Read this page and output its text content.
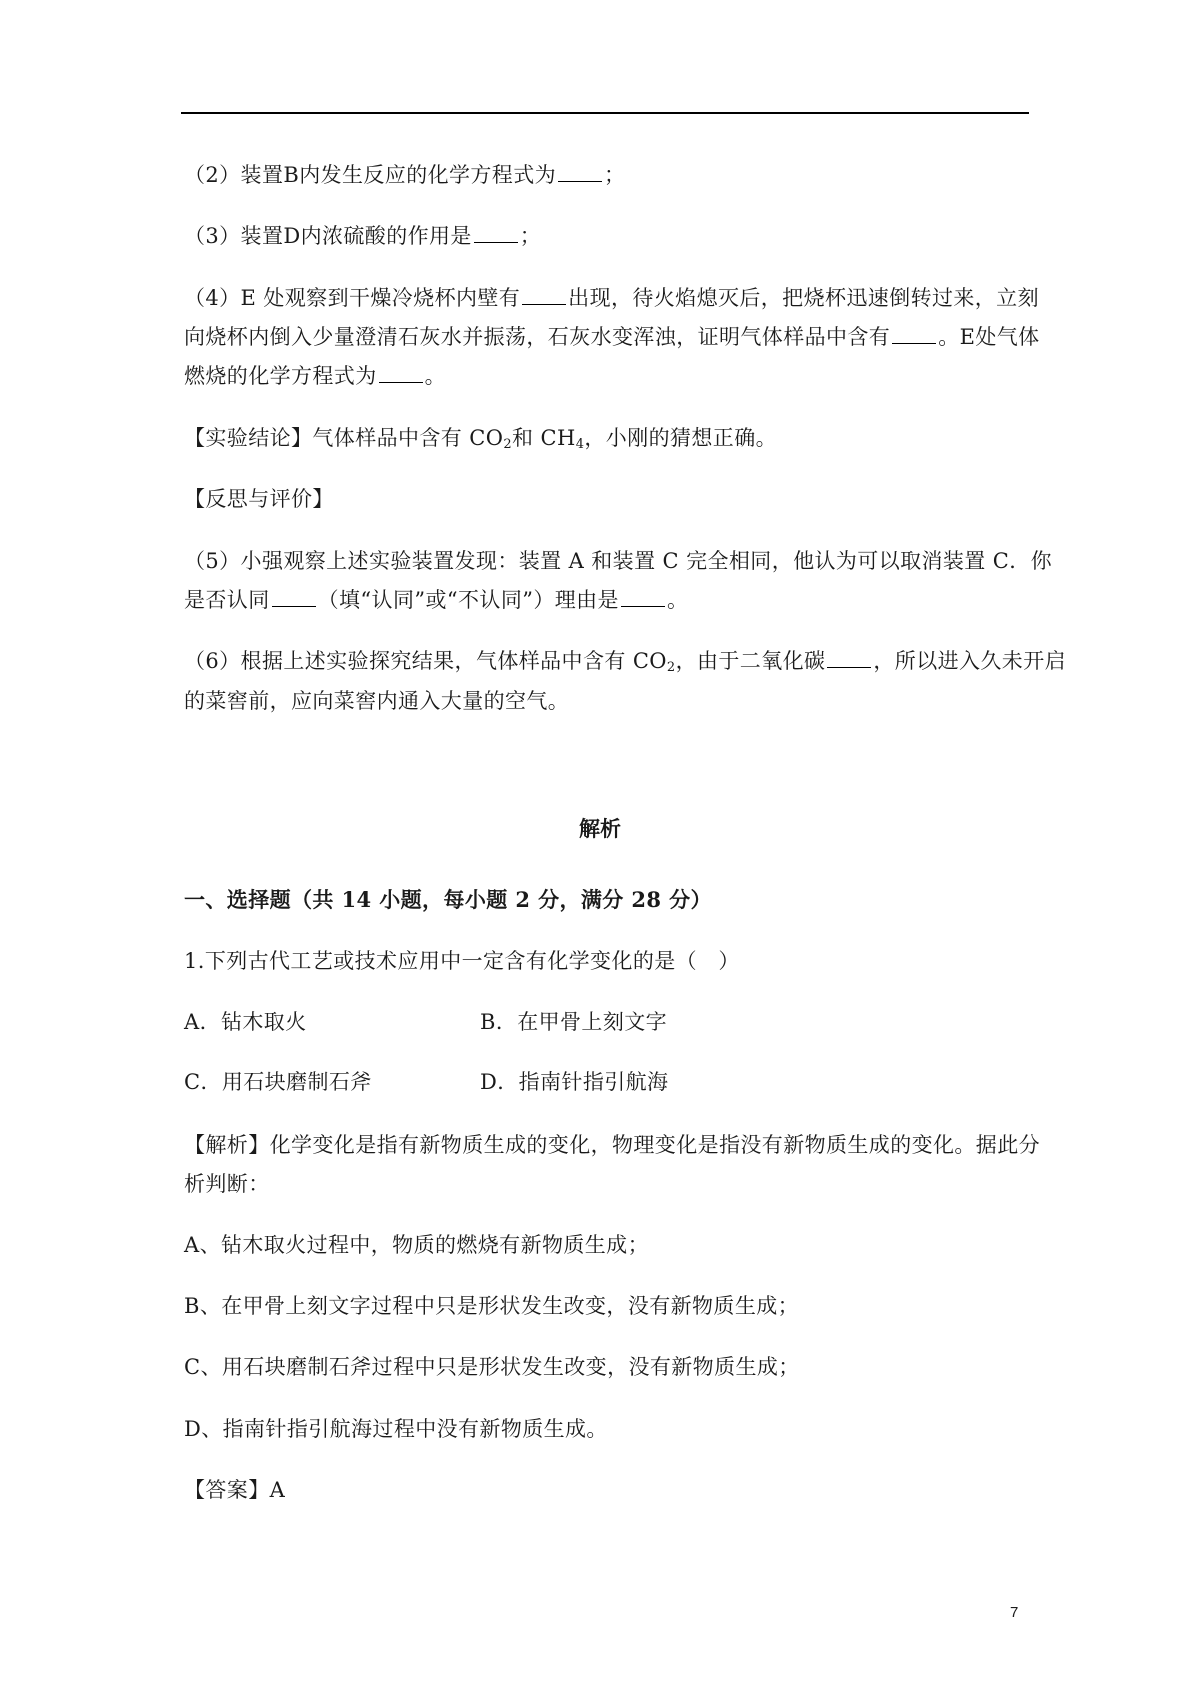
（2）装置B内发生反应的化学方程式为 ；
（3）装置D内浓硫酸的作用是 ；
（4）E 处观察到干燥冷烧杯内壁有 出现，待火焰熄灭后，把烧杯迅速倒转过来，立刻
向烧杯内倒入少量澄清石灰水并振荡，石灰水变浑浊，证明气体样品中含有 。E处气体
燃烧的化学方程式为 。
【实验结论】气体样品中含有 $CO_2$和 $CH_4$，小刚的猜想正确。
【反思与评价】
（5）小强观察上述实验装置发现：装置 A 和装置 C 完全相同，他认为可以取消装置 C．你
是否认同 （填“认同”或“不认同”）理由是 。
（6）根据上述实验探究结果，气体样品中含有 $CO_2$，由于二氧化碳 ，所以进入久未开启
的菜窖前，应向菜窖内通入大量的空气。
解析
一、选择题（共 14 小题，每小题 2 分，满分 28 分）
1.下列古代工艺或技术应用中一定含有化学变化的是（　）
A．钻木取火	B．在甲骨上刻文字
C．用石块磨制石斧	D．指南针指引航海
【解析】化学变化是指有新物质生成的变化，物理变化是指没有新物质生成的变化。据此分
析判断：
A、钻木取火过程中，物质的燃烧有新物质生成；
B、在甲骨上刻文字过程中只是形状发生改变，没有新物质生成；
C、用石块磨制石斧过程中只是形状发生改变，没有新物质生成；
D、指南针指引航海过程中没有新物质生成。
【答案】A
7
